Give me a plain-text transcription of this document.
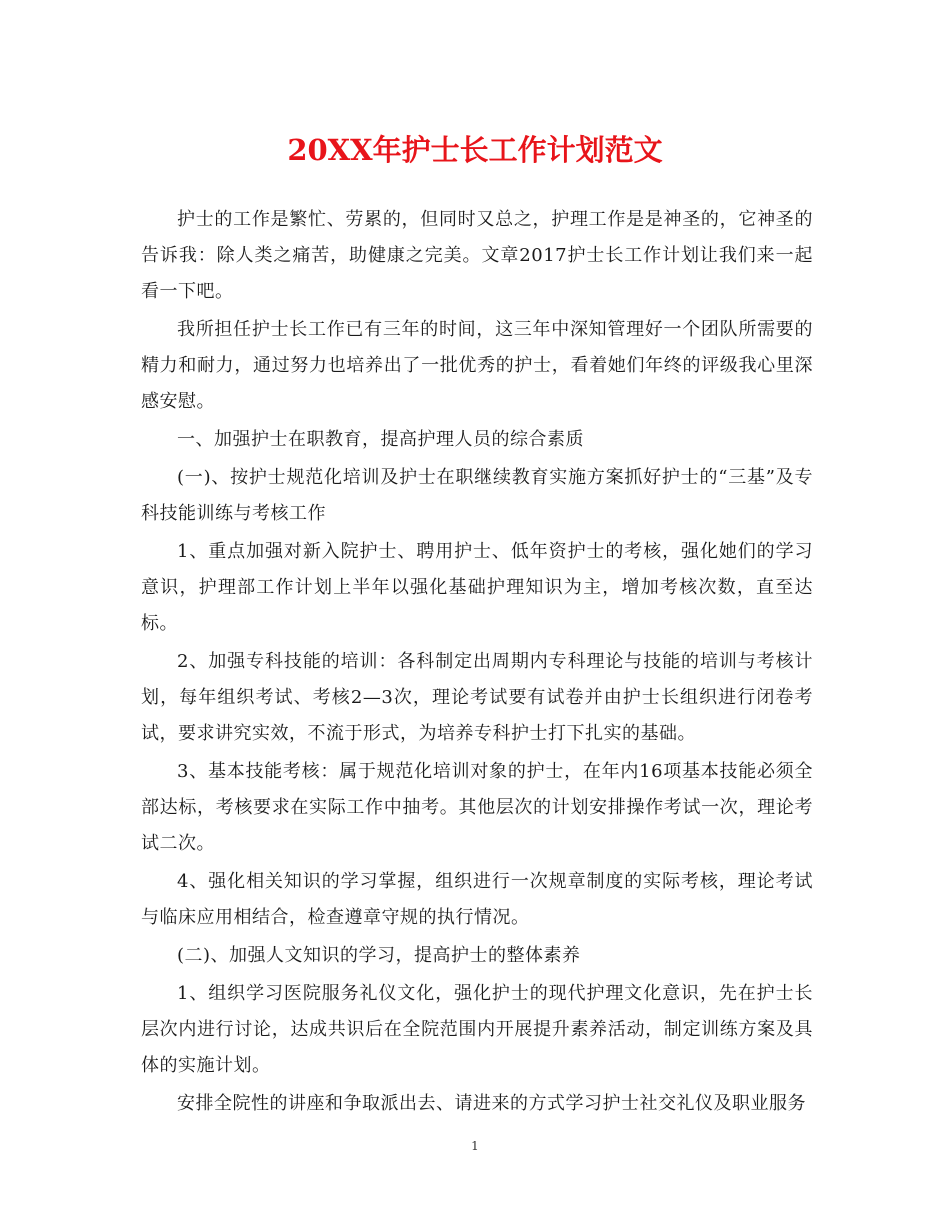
20XX年护士长工作计划范文

护士的工作是繁忙、劳累的，但同时又总之，护理工作是是神圣的，它神圣的告诉我：除人类之痛苦，助健康之完美。文章2017护士长工作计划让我们来一起看一下吧。

我所担任护士长工作已有三年的时间，这三年中深知管理好一个团队所需要的精力和耐力，通过努力也培养出了一批优秀的护士，看着她们年终的评级我心里深感安慰。

一、加强护士在职教育，提高护理人员的综合素质

(一)、按护士规范化培训及护士在职继续教育实施方案抓好护士的“三基”及专科技能训练与考核工作

1、重点加强对新入院护士、聘用护士、低年资护士的考核，强化她们的学习意识，护理部工作计划上半年以强化基础护理知识为主，增加考核次数，直至达标。

2、加强专科技能的培训：各科制定出周期内专科理论与技能的培训与考核计划，每年组织考试、考核2—3次，理论考试要有试卷并由护士长组织进行闭卷考试，要求讲究实效，不流于形式，为培养专科护士打下扎实的基础。

3、基本技能考核：属于规范化培训对象的护士，在年内16项基本技能必须全部达标，考核要求在实际工作中抽考。其他层次的计划安排操作考试一次，理论考试二次。

4、强化相关知识的学习掌握，组织进行一次规章制度的实际考核，理论考试与临床应用相结合，检查遵章守规的执行情况。

(二)、加强人文知识的学习，提高护士的整体素养

1、组织学习医院服务礼仪文化，强化护士的现代护理文化意识，先在护士长层次内进行讨论，达成共识后在全院范围内开展提升素养活动，制定训练方案及具体的实施计划。

安排全院性的讲座和争取派出去、请进来的方式学习护士社交礼仪及职业服务

1
